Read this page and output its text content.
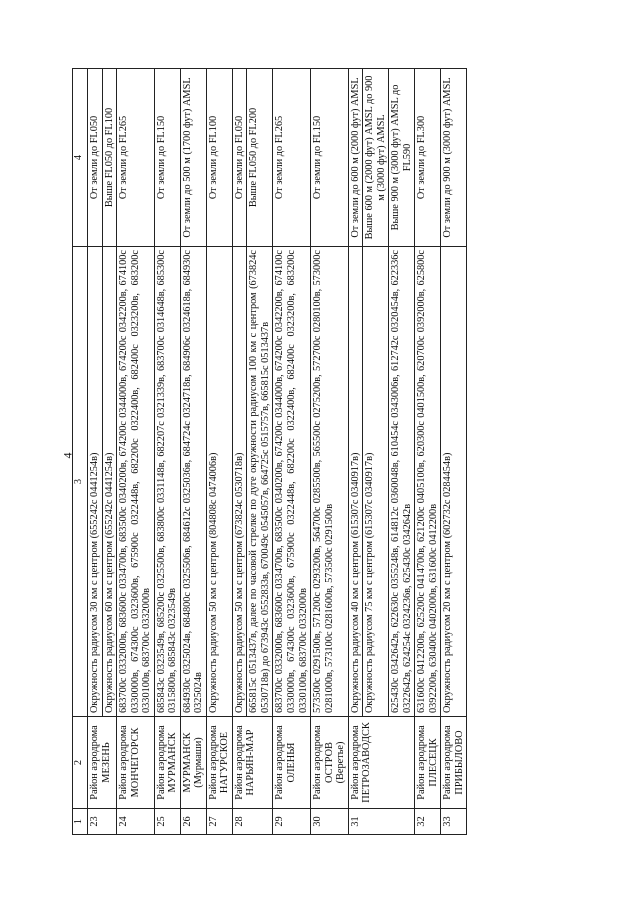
4
1	2	3	4
23	Район аэродрома МЕЗЕНЬ	Окружность радиусом 30 км с центром (655242с 0441254в)	От земли до FL050
		Окружность радиусом 60 км с центром (655242с 0441254в)	Выше FL050 до FL100
24	Район аэродрома МОНЧЕГОРСК	683700с 0332000в, 683600с 0334700в, 683500с 0340200в, 674200с 0344000в, 674200с 0342200в, 674100с 0330000в, 674300с 0323600в, 675900с 0322448в, 682200с 0322400в, 682400с 0323200в, 683200с 0330100в, 683700с 0332000в	От земли до FL265
25	Район аэродрома МУРМАНСК	685843с 0323549в, 685200с 0325500в, 683800с 0331148в, 682207с 0321339в, 683700с 0314648в, 685300с 0315800в, 685843с 0323549в	От земли до FL150
26	МУРМАНСК (Мурмаши)	684930с 0325024в, 684800с 0325506в, 684612с 0325036в, 684724с 0324718в, 684906с 0324618в, 684930с 0325024в	От земли до 500 м (1700 фут) AMSL
27	Район аэродрома НАГУРСКОЕ	Окружность радиусом 50 км с центром (804808с 0474006в)	От земли до FL100
28	Район аэродрома НАРЬЯН-МАР	Окружность радиусом 50 км с центром (673824с 0530718в)	От земли до FL050
		665815с 0513437в, далее по часовой стрелке по дуге окружности радиусом 100 км с центром (673824с 0530718в) до 673943с 0552833в, 670049с 0545057в, 664725с 0515757в, 665815с 0513437в	Выше FL050 до FL200
29	Район аэродрома ОЛЕНЬЯ	683700с 0332000в, 683600с 0334700в, 683500с 0340200в, 674200с 0344000в, 674200с 0342200в, 674100с 0330000в, 674300с 0323600в, 675900с 0322448в, 682200с 0322400в, 682400с 0323200в, 683200с 0330100в, 683700с 0332000в	От земли до FL265
30	Район аэродрома ОСТРОВ (Веретье)	573500с 0291500в, 571200с 0293200в, 564700с 0285500в, 565500с 0275200в, 572700с 0280100в, 573000с 0281000в, 573100с 0281600в, 573500с 0291500в	От земли до FL150
31	Район аэродрома ПЕТРОЗАВОДСК	Окружность радиусом 40 км с центром (615307с 0340917в)	От земли до 600 м (2000 фут) AMSL
		Окружность радиусом 75 км с центром (615307с 0340917в)	Выше 600 м (2000 фут) AMSL до 900 м (3000 фут) AMSL
		625430с 0342642в, 622630с 0355248в, 614812с 0360048в, 610454с 0343006в, 612742с 0320454в, 622336с 0322642в, 624254с 0324236в, 625430с 0342642в	Выше 900 м (3000 фут) AMSL до FL590
32	Район аэродрома ПЛЕСЕЦК	631600с 0412200в, 625200с 0414700в, 621200с 0405100в, 620300с 0401500в, 620700с 0392000в, 625800с 0392200в, 630400с 0402000в, 631600с 0412200в	От земли до FL300
33	Район аэродрома ПРИБЫЛОВО	Окружность радиусом 20 км с центром (602732с 0284454в)	От земли до 900 м (3000 фут) AMSL
